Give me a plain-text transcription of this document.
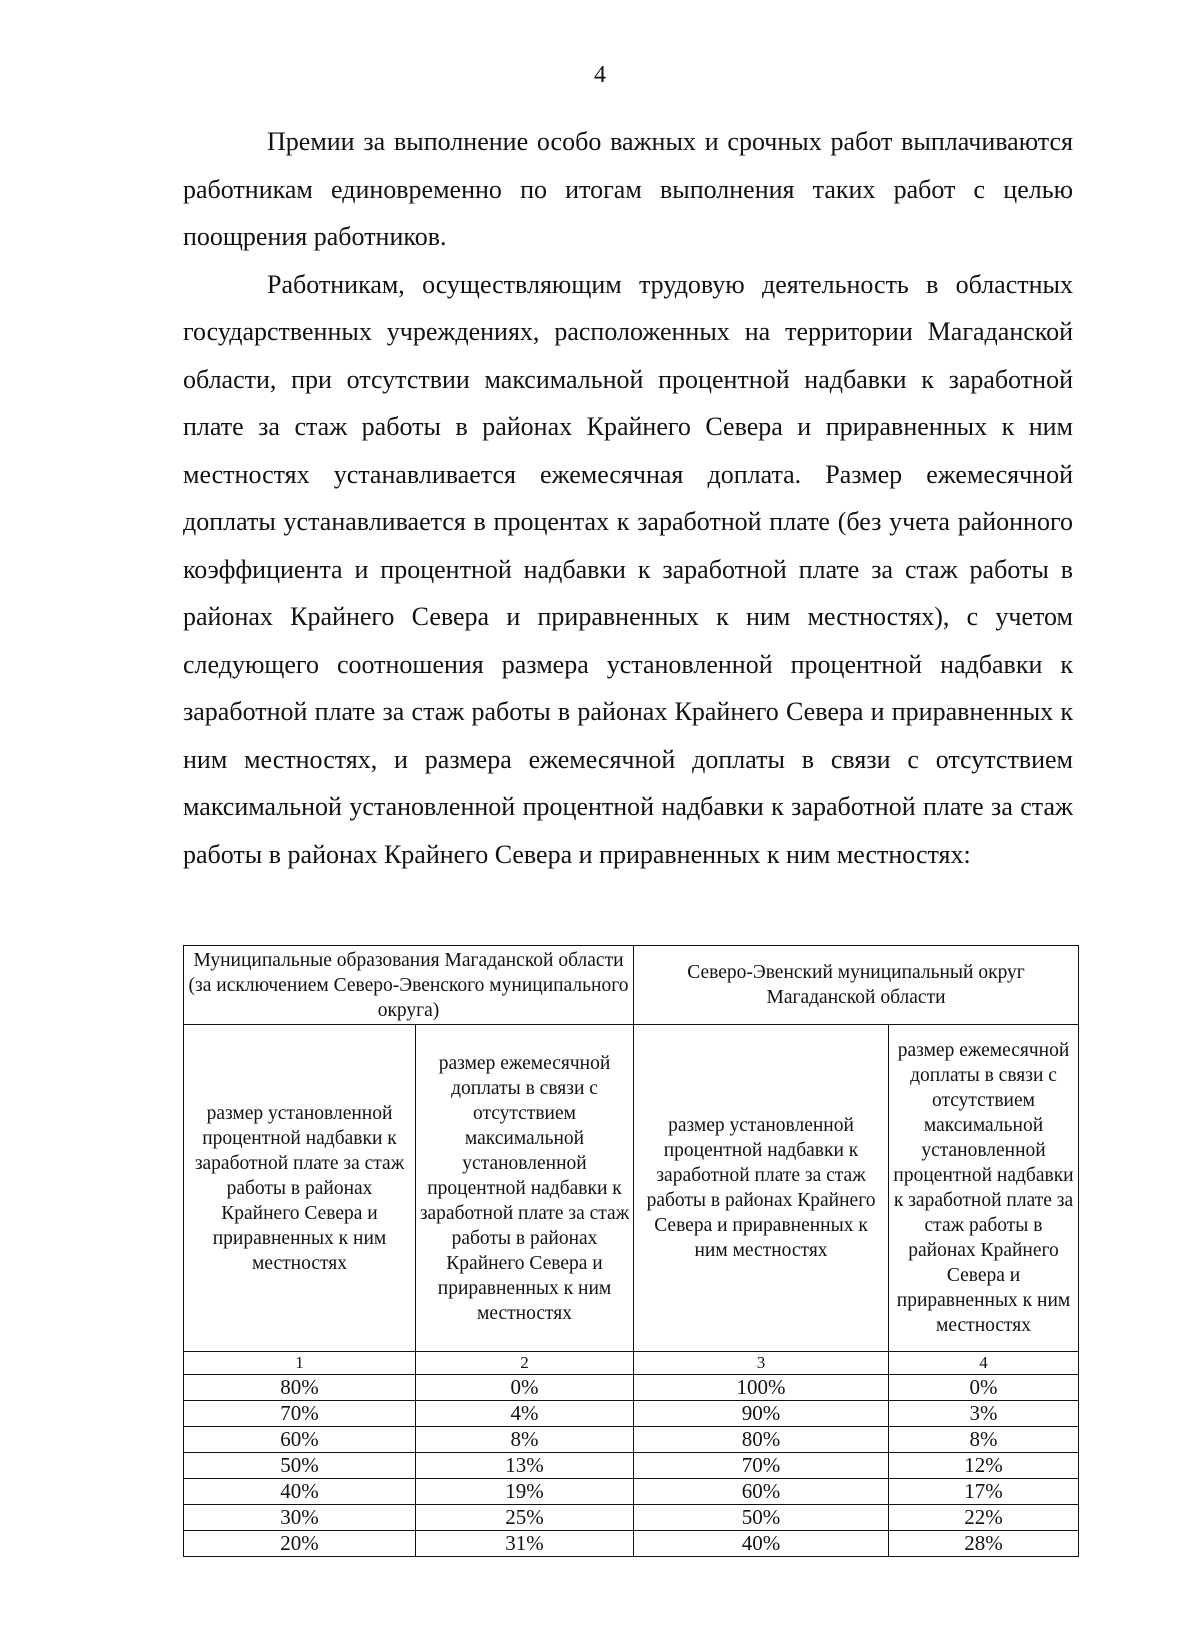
4

Премии за выполнение особо важных и срочных работ выплачиваются работникам единовременно по итогам выполнения таких работ с целью поощрения работников.

Работникам, осуществляющим трудовую деятельность в областных государственных учреждениях, расположенных на территории Магаданской области, при отсутствии максимальной процентной надбавки к заработной плате за стаж работы в районах Крайнего Севера и приравненных к ним местностях устанавливается ежемесячная доплата. Размер ежемесячной доплаты устанавливается в процентах к заработной плате (без учета районного коэффициента и процентной надбавки к заработной плате за стаж работы в районах Крайнего Севера и приравненных к ним местностях), с учетом следующего соотношения размера установленной процентной надбавки к заработной плате за стаж работы в районах Крайнего Севера и приравненных к ним местностях, и размера ежемесячной доплаты в связи с отсутствием максимальной установленной процентной надбавки к заработной плате за стаж работы в районах Крайнего Севера и приравненных к ним местностях:

Муниципальные образования Магаданской области (за исключением Северо-Эвенского муниципального округа)		Северо-Эвенский муниципальный округ Магаданской области	
размер установленной процентной надбавки к заработной плате за стаж работы в районах Крайнего Севера и приравненных к ним местностях	размер ежемесячной доплаты в связи с отсутствием максимальной установленной процентной надбавки к заработной плате за стаж работы в районах Крайнего Севера и приравненных к ним местностях	размер установленной процентной надбавки к заработной плате за стаж работы в районах Крайнего Севера и приравненных к ним местностях	размер ежемесячной доплаты в связи с отсутствием максимальной установленной процентной надбавки к заработной плате за стаж работы в районах Крайнего Севера и приравненных к ним местностях
1	2	3	4
80%	0%	100%	0%
70%	4%	90%	3%
60%	8%	80%	8%
50%	13%	70%	12%
40%	19%	60%	17%
30%	25%	50%	22%
20%	31%	40%	28%
